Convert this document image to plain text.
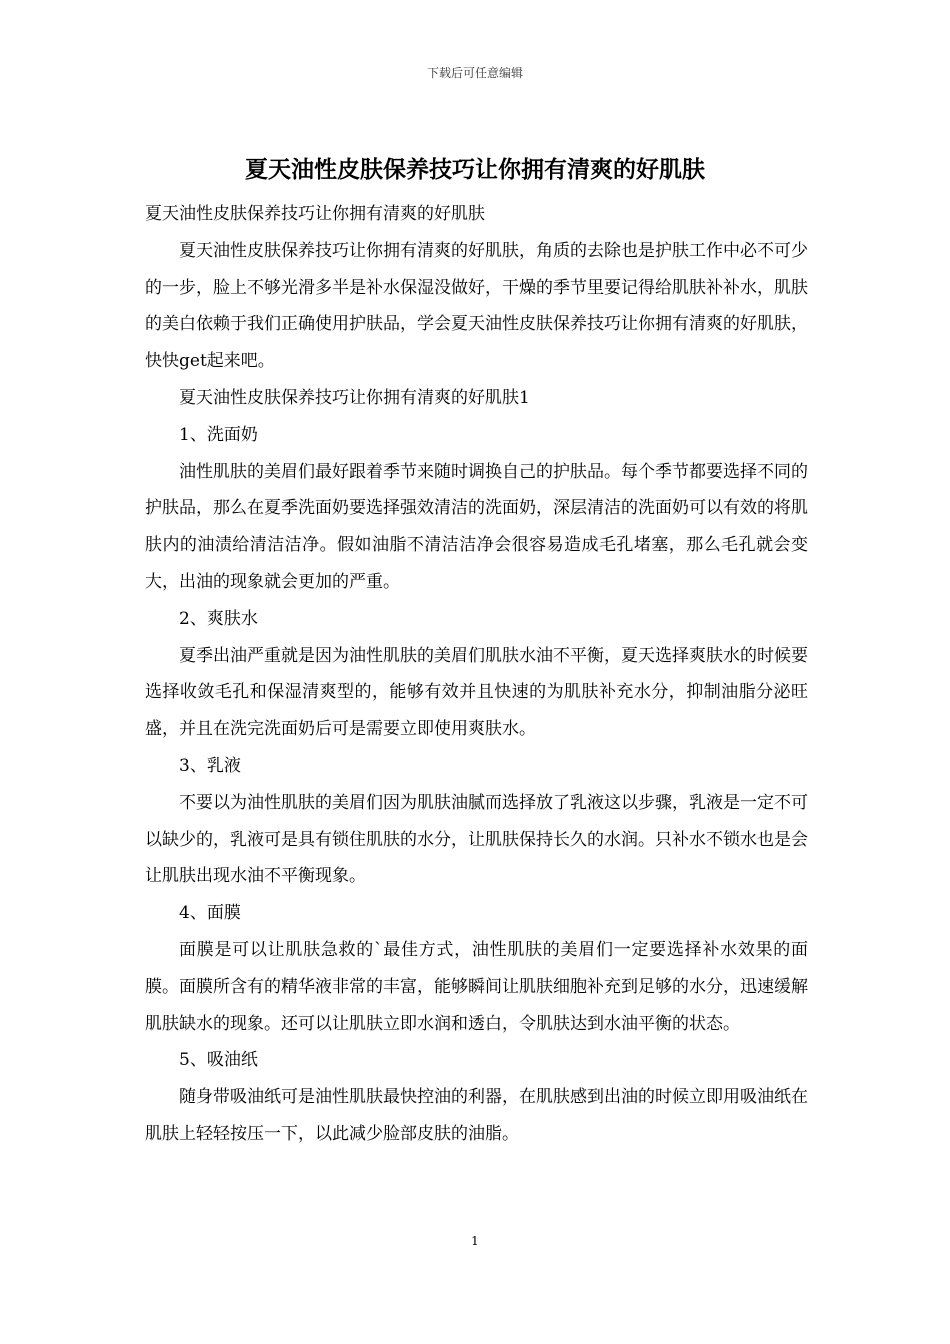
下载后可任意编辑
夏天油性皮肤保养技巧让你拥有清爽的好肌肤

夏天油性皮肤保养技巧让你拥有清爽的好肌肤

夏天油性皮肤保养技巧让你拥有清爽的好肌肤，角质的去除也是护肤工作中必不可少的一步，脸上不够光滑多半是补水保湿没做好，干燥的季节里要记得给肌肤补补水，肌肤的美白依赖于我们正确使用护肤品，学会夏天油性皮肤保养技巧让你拥有清爽的好肌肤，快快get起来吧。

夏天油性皮肤保养技巧让你拥有清爽的好肌肤1

1、洗面奶

油性肌肤的美眉们最好跟着季节来随时调换自己的护肤品。每个季节都要选择不同的护肤品，那么在夏季洗面奶要选择强效清洁的洗面奶，深层清洁的洗面奶可以有效的将肌肤内的油渍给清洁洁净。假如油脂不清洁洁净会很容易造成毛孔堵塞，那么毛孔就会变大，出油的现象就会更加的严重。

2、爽肤水

夏季出油严重就是因为油性肌肤的美眉们肌肤水油不平衡，夏天选择爽肤水的时候要选择收敛毛孔和保湿清爽型的，能够有效并且快速的为肌肤补充水分，抑制油脂分泌旺盛，并且在洗完洗面奶后可是需要立即使用爽肤水。

3、乳液

不要以为油性肌肤的美眉们因为肌肤油腻而选择放了乳液这以步骤，乳液是一定不可以缺少的，乳液可是具有锁住肌肤的水分，让肌肤保持长久的水润。只补水不锁水也是会让肌肤出现水油不平衡现象。

4、面膜

面膜是可以让肌肤急救的`最佳方式，油性肌肤的美眉们一定要选择补水效果的面膜。面膜所含有的精华液非常的丰富，能够瞬间让肌肤细胞补充到足够的水分，迅速缓解肌肤缺水的现象。还可以让肌肤立即水润和透白，令肌肤达到水油平衡的状态。

5、吸油纸

随身带吸油纸可是油性肌肤最快控油的利器，在肌肤感到出油的时候立即用吸油纸在肌肤上轻轻按压一下，以此减少脸部皮肤的油脂。

1
